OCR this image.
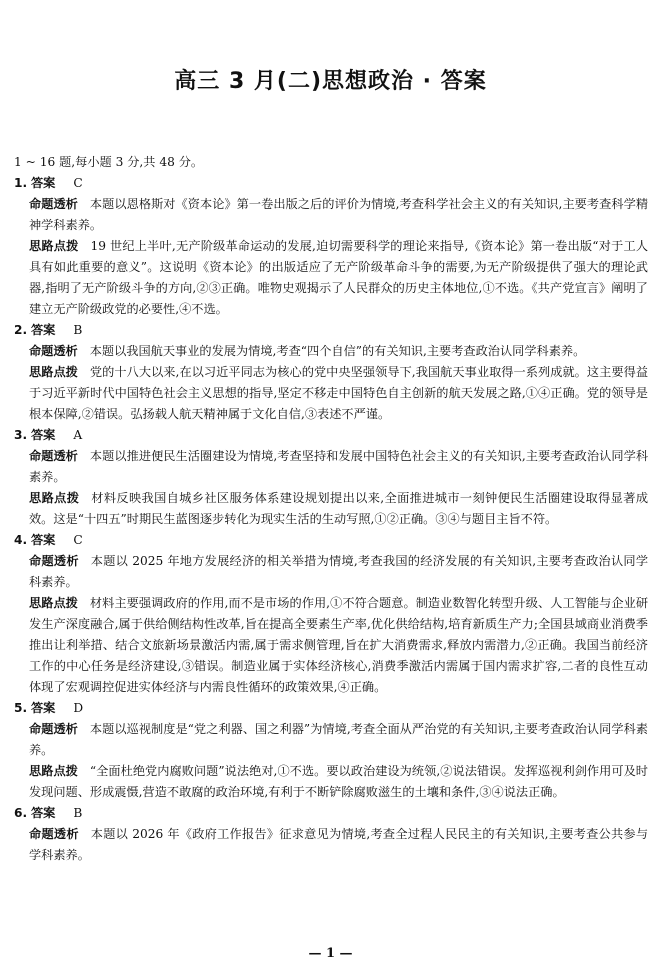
高三 3 月(二)思想政治 · 答案
1 ~ 16 题,每小题 3 分,共 48 分。
1. 答案 C
命题透析 本题以恩格斯对《资本论》第一卷出版之后的评价为情境,考查科学社会主义的有关知识,主要考查科学精神学科素养。
思路点拨 19 世纪上半叶,无产阶级革命运动的发展,迫切需要科学的理论来指导,《资本论》第一卷出版“对于工人具有如此重要的意义”。这说明《资本论》的出版适应了无产阶级革命斗争的需要,为无产阶级提供了强大的理论武器,指明了无产阶级斗争的方向,②③正确。唯物史观揭示了人民群众的历史主体地位,①不选。《共产党宣言》阐明了建立无产阶级政党的必要性,④不选。
2. 答案 B
命题透析 本题以我国航天事业的发展为情境,考查“四个自信”的有关知识,主要考查政治认同学科素养。
思路点拨 党的十八大以来,在以习近平同志为核心的党中央坚强领导下,我国航天事业取得一系列成就。这主要得益于习近平新时代中国特色社会主义思想的指导,坚定不移走中国特色自主创新的航天发展之路,①④正确。党的领导是根本保障,②错误。弘扬载人航天精神属于文化自信,③表述不严谨。
3. 答案 A
命题透析 本题以推进便民生活圈建设为情境,考查坚持和发展中国特色社会主义的有关知识,主要考查政治认同学科素养。
思路点拨 材料反映我国自城乡社区服务体系建设规划提出以来,全面推进城市一刻钟便民生活圈建设取得显著成效。这是“十四五”时期民生蓝图逐步转化为现实生活的生动写照,①②正确。③④与题目主旨不符。
4. 答案 C
命题透析 本题以 2025 年地方发展经济的相关举措为情境,考查我国的经济发展的有关知识,主要考查政治认同学科素养。
思路点拨 材料主要强调政府的作用,而不是市场的作用,①不符合题意。制造业数智化转型升级、人工智能与企业研发生产深度融合,属于供给侧结构性改革,旨在提高全要素生产率,优化供给结构,培育新质生产力;全国县域商业消费季推出让利举措、结合文旅新场景激活内需,属于需求侧管理,旨在扩大消费需求,释放内需潜力,②正确。我国当前经济工作的中心任务是经济建设,③错误。制造业属于实体经济核心,消费季激活内需属于国内需求扩容,二者的良性互动体现了宏观调控促进实体经济与内需良性循环的政策效果,④正确。
5. 答案 D
命题透析 本题以巡视制度是“党之利器、国之利器”为情境,考查全面从严治党的有关知识,主要考查政治认同学科素养。
思路点拨 “全面杜绝党内腐败问题”说法绝对,①不选。要以政治建设为统领,②说法错误。发挥巡视利剑作用可及时发现问题、形成震慑,营造不敢腐的政治环境,有利于不断铲除腐败滋生的土壤和条件,③④说法正确。
6. 答案 B
命题透析 本题以 2026 年《政府工作报告》征求意见为情境,考查全过程人民民主的有关知识,主要考查公共参与学科素养。
— 1 —
